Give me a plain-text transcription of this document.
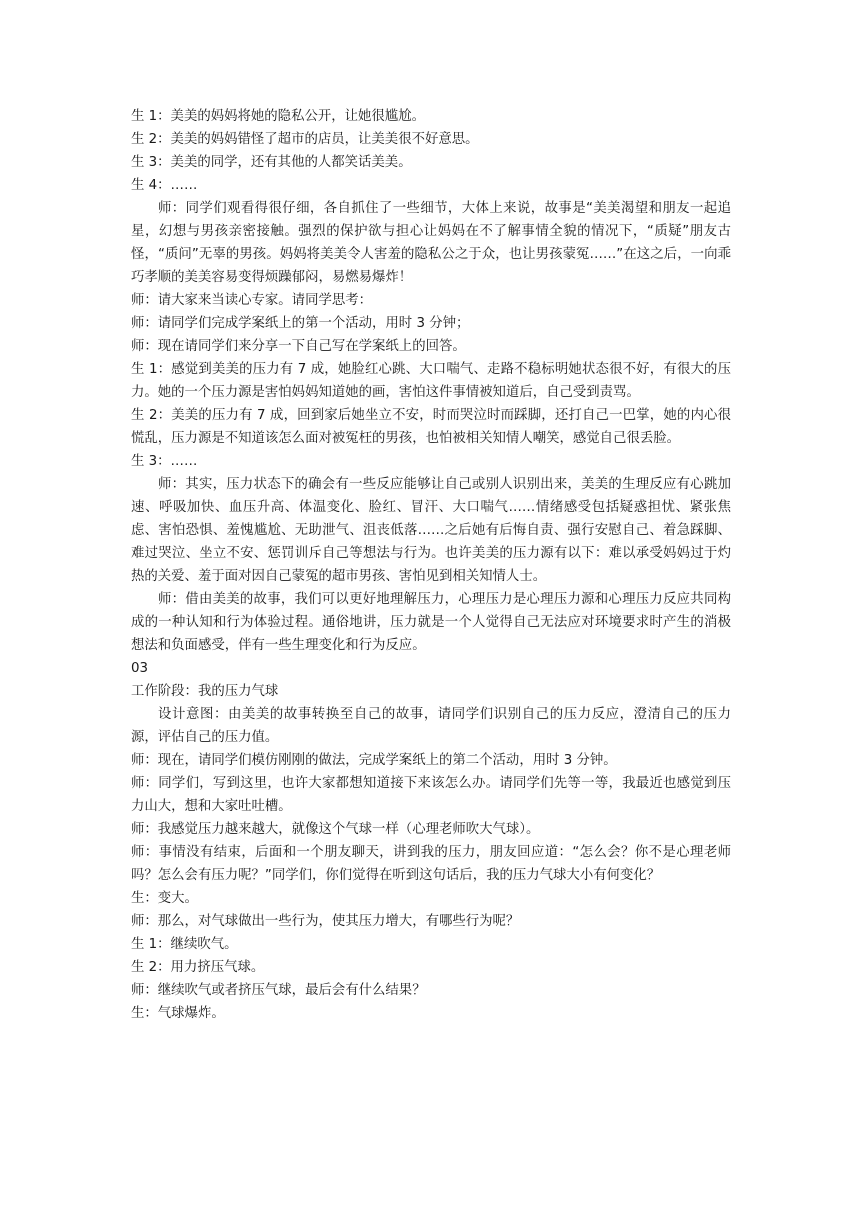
生 1：美美的妈妈将她的隐私公开，让她很尴尬。
生 2：美美的妈妈错怪了超市的店员，让美美很不好意思。
生 3：美美的同学，还有其他的人都笑话美美。
生 4：……
师：同学们观看得很仔细，各自抓住了一些细节，大体上来说，故事是“美美渴望和朋友一起追星，幻想与男孩亲密接触。强烈的保护欲与担心让妈妈在不了解事情全貌的情况下，“质疑”朋友古怪，“质问”无辜的男孩。妈妈将美美令人害羞的隐私公之于众，也让男孩蒙冤……”在这之后，一向乖巧孝顺的美美容易变得烦躁郁闷，易燃易爆炸！
师：请大家来当读心专家。请同学思考：
师：请同学们完成学案纸上的第一个活动，用时 3 分钟；
师：现在请同学们来分享一下自己写在学案纸上的回答。
生 1：感觉到美美的压力有 7 成，她脸红心跳、大口喘气、走路不稳标明她状态很不好，有很大的压力。她的一个压力源是害怕妈妈知道她的画，害怕这件事情被知道后，自己受到责骂。
生 2：美美的压力有 7 成，回到家后她坐立不安，时而哭泣时而踩脚，还打自己一巴掌，她的内心很慌乱，压力源是不知道该怎么面对被冤枉的男孩，也怕被相关知情人嘲笑，感觉自己很丢脸。
生 3：……
师：其实，压力状态下的确会有一些反应能够让自己或别人识别出来，美美的生理反应有心跳加速、呼吸加快、血压升高、体温变化、脸红、冒汗、大口喘气……情绪感受包括疑惑担忧、紧张焦虑、害怕恐惧、羞愧尴尬、无助泄气、沮丧低落……之后她有后悔自责、强行安慰自己、着急踩脚、难过哭泣、坐立不安、惩罚训斥自己等想法与行为。也许美美的压力源有以下：难以承受妈妈过于灼热的关爱、羞于面对因自己蒙冤的超市男孩、害怕见到相关知情人士。
师：借由美美的故事，我们可以更好地理解压力，心理压力是心理压力源和心理压力反应共同构成的一种认知和行为体验过程。通俗地讲，压力就是一个人觉得自己无法应对环境要求时产生的消极想法和负面感受，伴有一些生理变化和行为反应。
03
工作阶段：我的压力气球
设计意图：由美美的故事转换至自己的故事，请同学们识别自己的压力反应，澄清自己的压力源，评估自己的压力值。
师：现在，请同学们模仿刚刚的做法，完成学案纸上的第二个活动，用时 3 分钟。
师：同学们，写到这里，也许大家都想知道接下来该怎么办。请同学们先等一等，我最近也感觉到压力山大，想和大家吐吐槽。
师：我感觉压力越来越大，就像这个气球一样（心理老师吹大气球）。
师：事情没有结束，后面和一个朋友聊天，讲到我的压力，朋友回应道：“怎么会？你不是心理老师吗？怎么会有压力呢？”同学们，你们觉得在听到这句话后，我的压力气球大小有何变化？
生：变大。
师：那么，对气球做出一些行为，使其压力增大，有哪些行为呢？
生 1：继续吹气。
生 2：用力挤压气球。
师：继续吹气或者挤压气球，最后会有什么结果？
生：气球爆炸。
